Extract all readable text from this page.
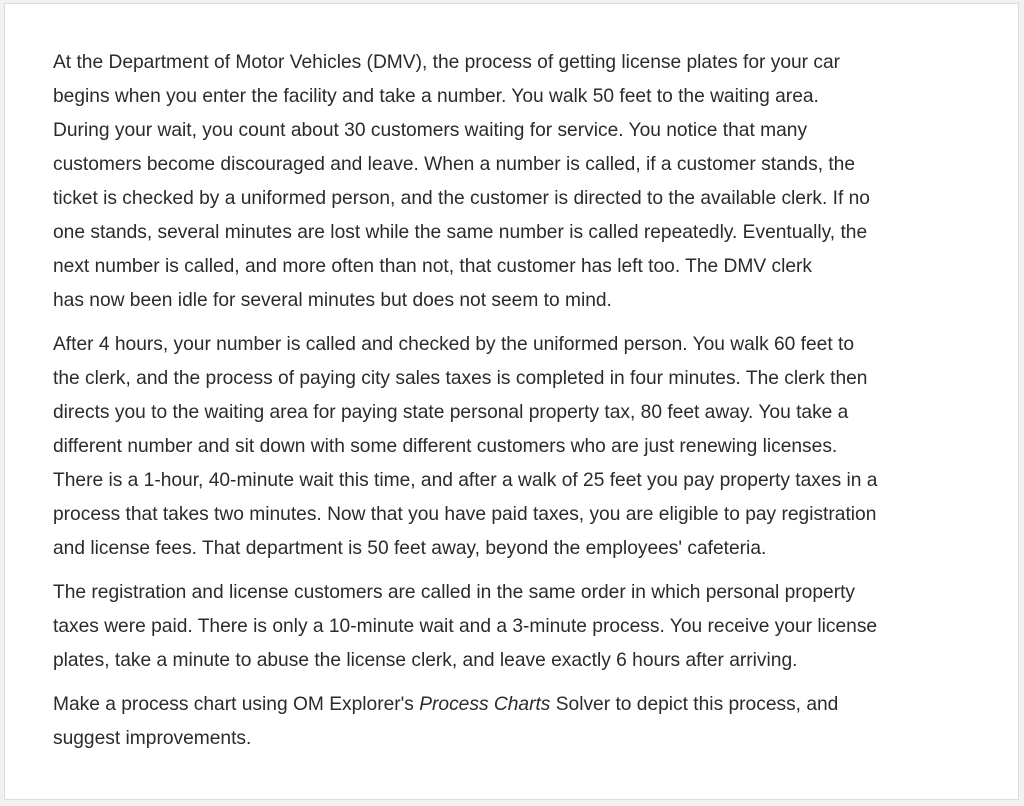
At the Department of Motor Vehicles (DMV), the process of getting license plates for your car
begins when you enter the facility and take a number. You walk 50 feet to the waiting area.
During your wait, you count about 30 customers waiting for service. You notice that many
customers become discouraged and leave. When a number is called, if a customer stands, the
ticket is checked by a uniformed person, and the customer is directed to the available clerk. If no
one stands, several minutes are lost while the same number is called repeatedly. Eventually, the
next number is called, and more often than not, that customer has left too. The DMV clerk
has now been idle for several minutes but does not seem to mind.

After 4 hours, your number is called and checked by the uniformed person. You walk 60 feet to
the clerk, and the process of paying city sales taxes is completed in four minutes. The clerk then
directs you to the waiting area for paying state personal property tax, 80 feet away. You take a
different number and sit down with some different customers who are just renewing licenses.
There is a 1-hour, 40-minute wait this time, and after a walk of 25 feet you pay property taxes in a
process that takes two minutes. Now that you have paid taxes, you are eligible to pay registration
and license fees. That department is 50 feet away, beyond the employees' cafeteria.

The registration and license customers are called in the same order in which personal property
taxes were paid. There is only a 10-minute wait and a 3-minute process. You receive your license
plates, take a minute to abuse the license clerk, and leave exactly 6 hours after arriving.

Make a process chart using OM Explorer's Process Charts Solver to depict this process, and
suggest improvements.
